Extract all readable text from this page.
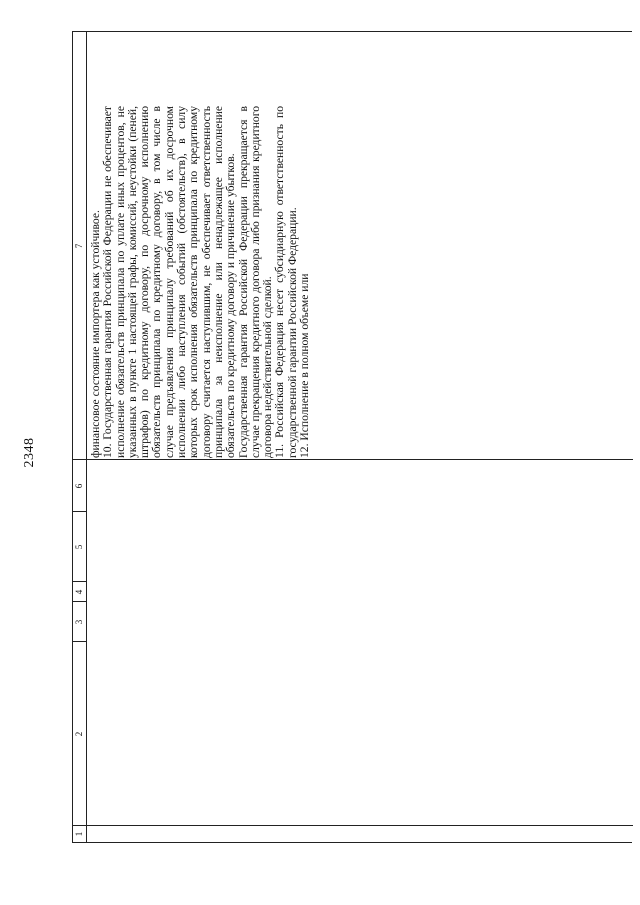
2348
1
2
3
4
5
6
7 финансовое состояние импортера как устойчивое. 10. Государственная гарантия Российской Федерации не обеспечивает исполнение обязательств принципала по уплате иных процентов, не указанных в пункте 1 настоящей графы, комиссий, неустойки (пеней, штрафов) по кредитному договору, по досрочному исполнению обязательств принципала по кредитному договору, в том числе в случае предъявления принципалу требований об их досрочном исполнении либо наступления событий (обстоятельств), в силу которых срок исполнения обязательств принципала по кредитному договору считается наступившим, не обеспечивает ответственность принципала за неисполнение или ненадлежащее исполнение обязательств по кредитному договору и причинение убытков. Государственная гарантия Российской Федерации прекращается в случае прекращения кредитного договора либо признания кредитного договора недействительной сделкой. 11. Российская Федерация несет субсидиарную ответственность по государственной гарантии Российской Федерации. 12. Исполнение в полном объеме или
